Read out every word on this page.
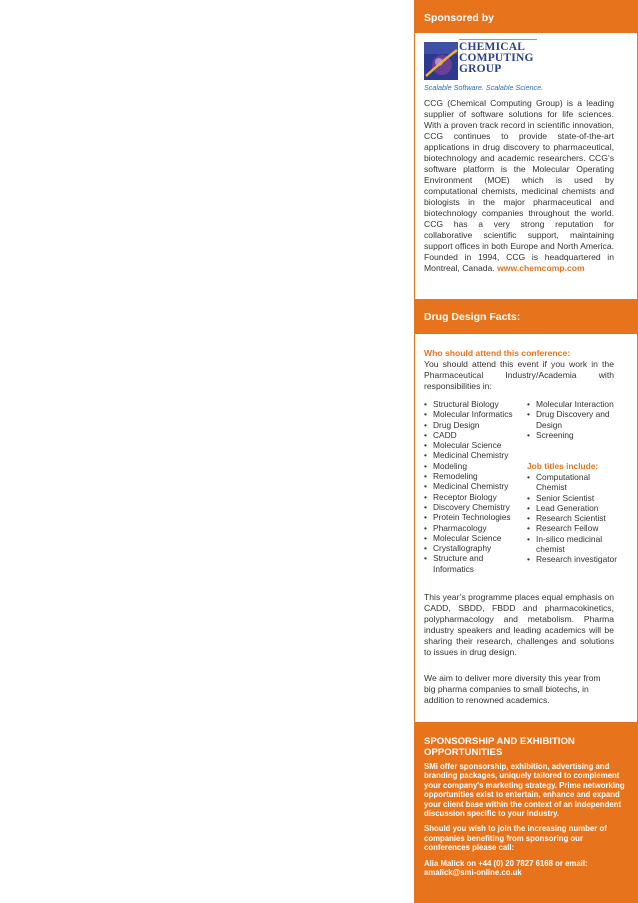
Sponsored by
CHEMICAL
COMPUTING
GROUP
Scalable Software. Scalable Science.
CCG (Chemical Computing Group) is a leading supplier of software solutions for life sciences. With a proven track record in scientific innovation, CCG continues to provide state-of-the-art applications in drug discovery to pharmaceutical, biotechnology and academic researchers. CCG’s software platform is the Molecular Operating Environment (MOE) which is used by computational chemists, medicinal chemists and biologists in the major pharmaceutical and biotechnology companies throughout the world. CCG has a very strong reputation for collaborative scientific support, maintaining support offices in both Europe and North America. Founded in 1994, CCG is headquartered in Montreal, Canada. www.chemcomp.com
Drug Design Facts:
Who should attend this conference:
You should attend this event if you work in the Pharmaceutical Industry/Academia with responsibilities in:
• Structural Biology
• Molecular Informatics
• Drug Design
• CADD
• Molecular Science
• Medicinal Chemistry
• Modeling
• Remodeling
• Medicinal Chemistry
• Receptor Biology
• Discovery Chemistry
• Protein Technologies
• Pharmacology
• Molecular Science
• Crystallography
• Structure and Informatics
• Molecular Interaction
• Drug Discovery and Design
• Screening
Job titles include:
• Computational Chemist
• Senior Scientist
• Lead Generation
• Research Scientist
• Research Fellow
• In-silico medicinal chemist
• Research investigator
This year’s programme places equal emphasis on CADD, SBDD, FBDD and pharmacokinetics, polypharmacology and metabolism. Pharma industry speakers and leading academics will be sharing their research, challenges and solutions to issues in drug design.
We aim to deliver more diversity this year from big pharma companies to small biotechs, in addition to renowned academics.
SPONSORSHIP AND EXHIBITION OPPORTUNITIES
SMi offer sponsorship, exhibition, advertising and branding packages, uniquely tailored to complement your company's marketing strategy. Prime networking opportunities exist to entertain, enhance and expand your client base within the context of an independent discussion specific to your industry.
Should you wish to join the increasing number of companies benefiting from sponsoring our conferences please call:
Alia Malick on +44 (0) 20 7827 6168 or email: amalick@smi-online.co.uk
